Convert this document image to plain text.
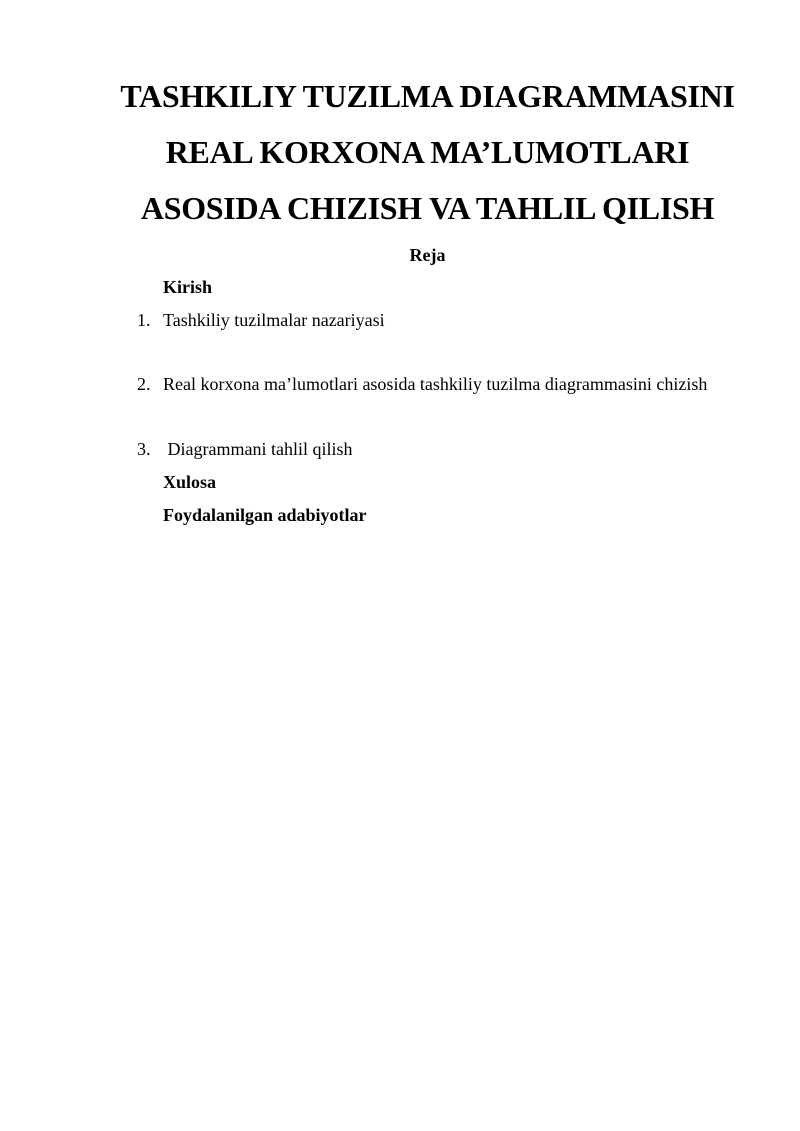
TASHKILIY TUZILMA DIAGRAMMASINI
REAL KORXONA MA’LUMOTLARI
ASOSIDA CHIZISH VA TAHLIL QILISH
Reja
Kirish
1. Tashkiliy tuzilmalar nazariyasi
2. Real korxona ma’lumotlari asosida tashkiliy tuzilma diagrammasini chizish
3. Diagrammani tahlil qilish
Xulosa
Foydalanilgan adabiyotlar
